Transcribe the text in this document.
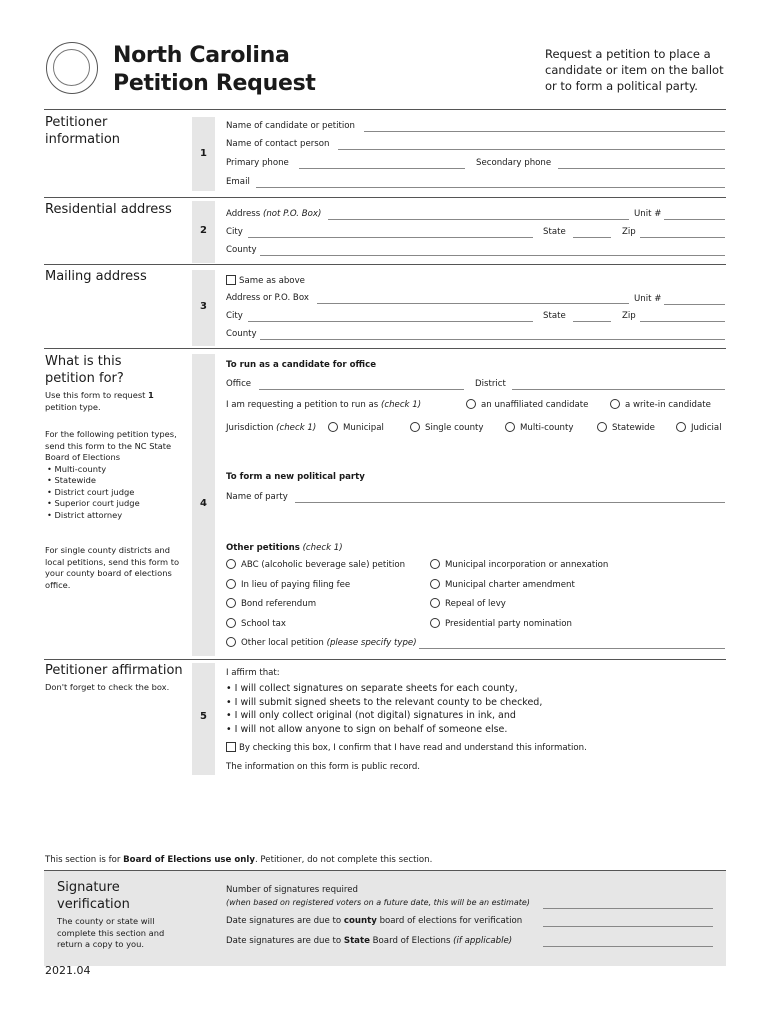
North Carolina
Petition Request
Request a petition to place a candidate or item on the ballot or to form a political party.
Petitioner information
1
Name of candidate or petition
Name of contact person
Primary phone	Secondary phone
Email
Residential address
2
Address (not P.O. Box)	Unit #
City	State	Zip
County
Mailing address
3
Same as above
Address or P.O. Box	Unit #
City	State	Zip
County
What is this petition for?
Use this form to request 1 petition type.
For the following petition types, send this form to the NC State Board of Elections
• Multi-county
• Statewide
• District court judge
• Superior court judge
• District attorney
For single county districts and local petitions, send this form to your county board of elections office.
4
To run as a candidate for office
Office	District
I am requesting a petition to run as (check 1)	an unaffiliated candidate	a write-in candidate
Jurisdiction (check 1)	Municipal	Single county	Multi-county	Statewide	Judicial
To form a new political party
Name of party
Other petitions (check 1)
ABC (alcoholic beverage sale) petition
In lieu of paying filing fee
Bond referendum
School tax
Municipal incorporation or annexation
Municipal charter amendment
Repeal of levy
Presidential party nomination
Other local petition (please specify type)
Petitioner affirmation
Don't forget to check the box.
5
I affirm that:
• I will collect signatures on separate sheets for each county,
• I will submit signed sheets to the relevant county to be checked,
• I will only collect original (not digital) signatures in ink, and
• I will not allow anyone to sign on behalf of someone else.
By checking this box, I confirm that I have read and understand this information.
The information on this form is public record.
This section is for Board of Elections use only. Petitioner, do not complete this section.
Signature verification
The county or state will complete this section and return a copy to you.
Number of signatures required
(when based on registered voters on a future date, this will be an estimate)
Date signatures are due to county board of elections for verification
Date signatures are due to State Board of Elections (if applicable)
2021.04
